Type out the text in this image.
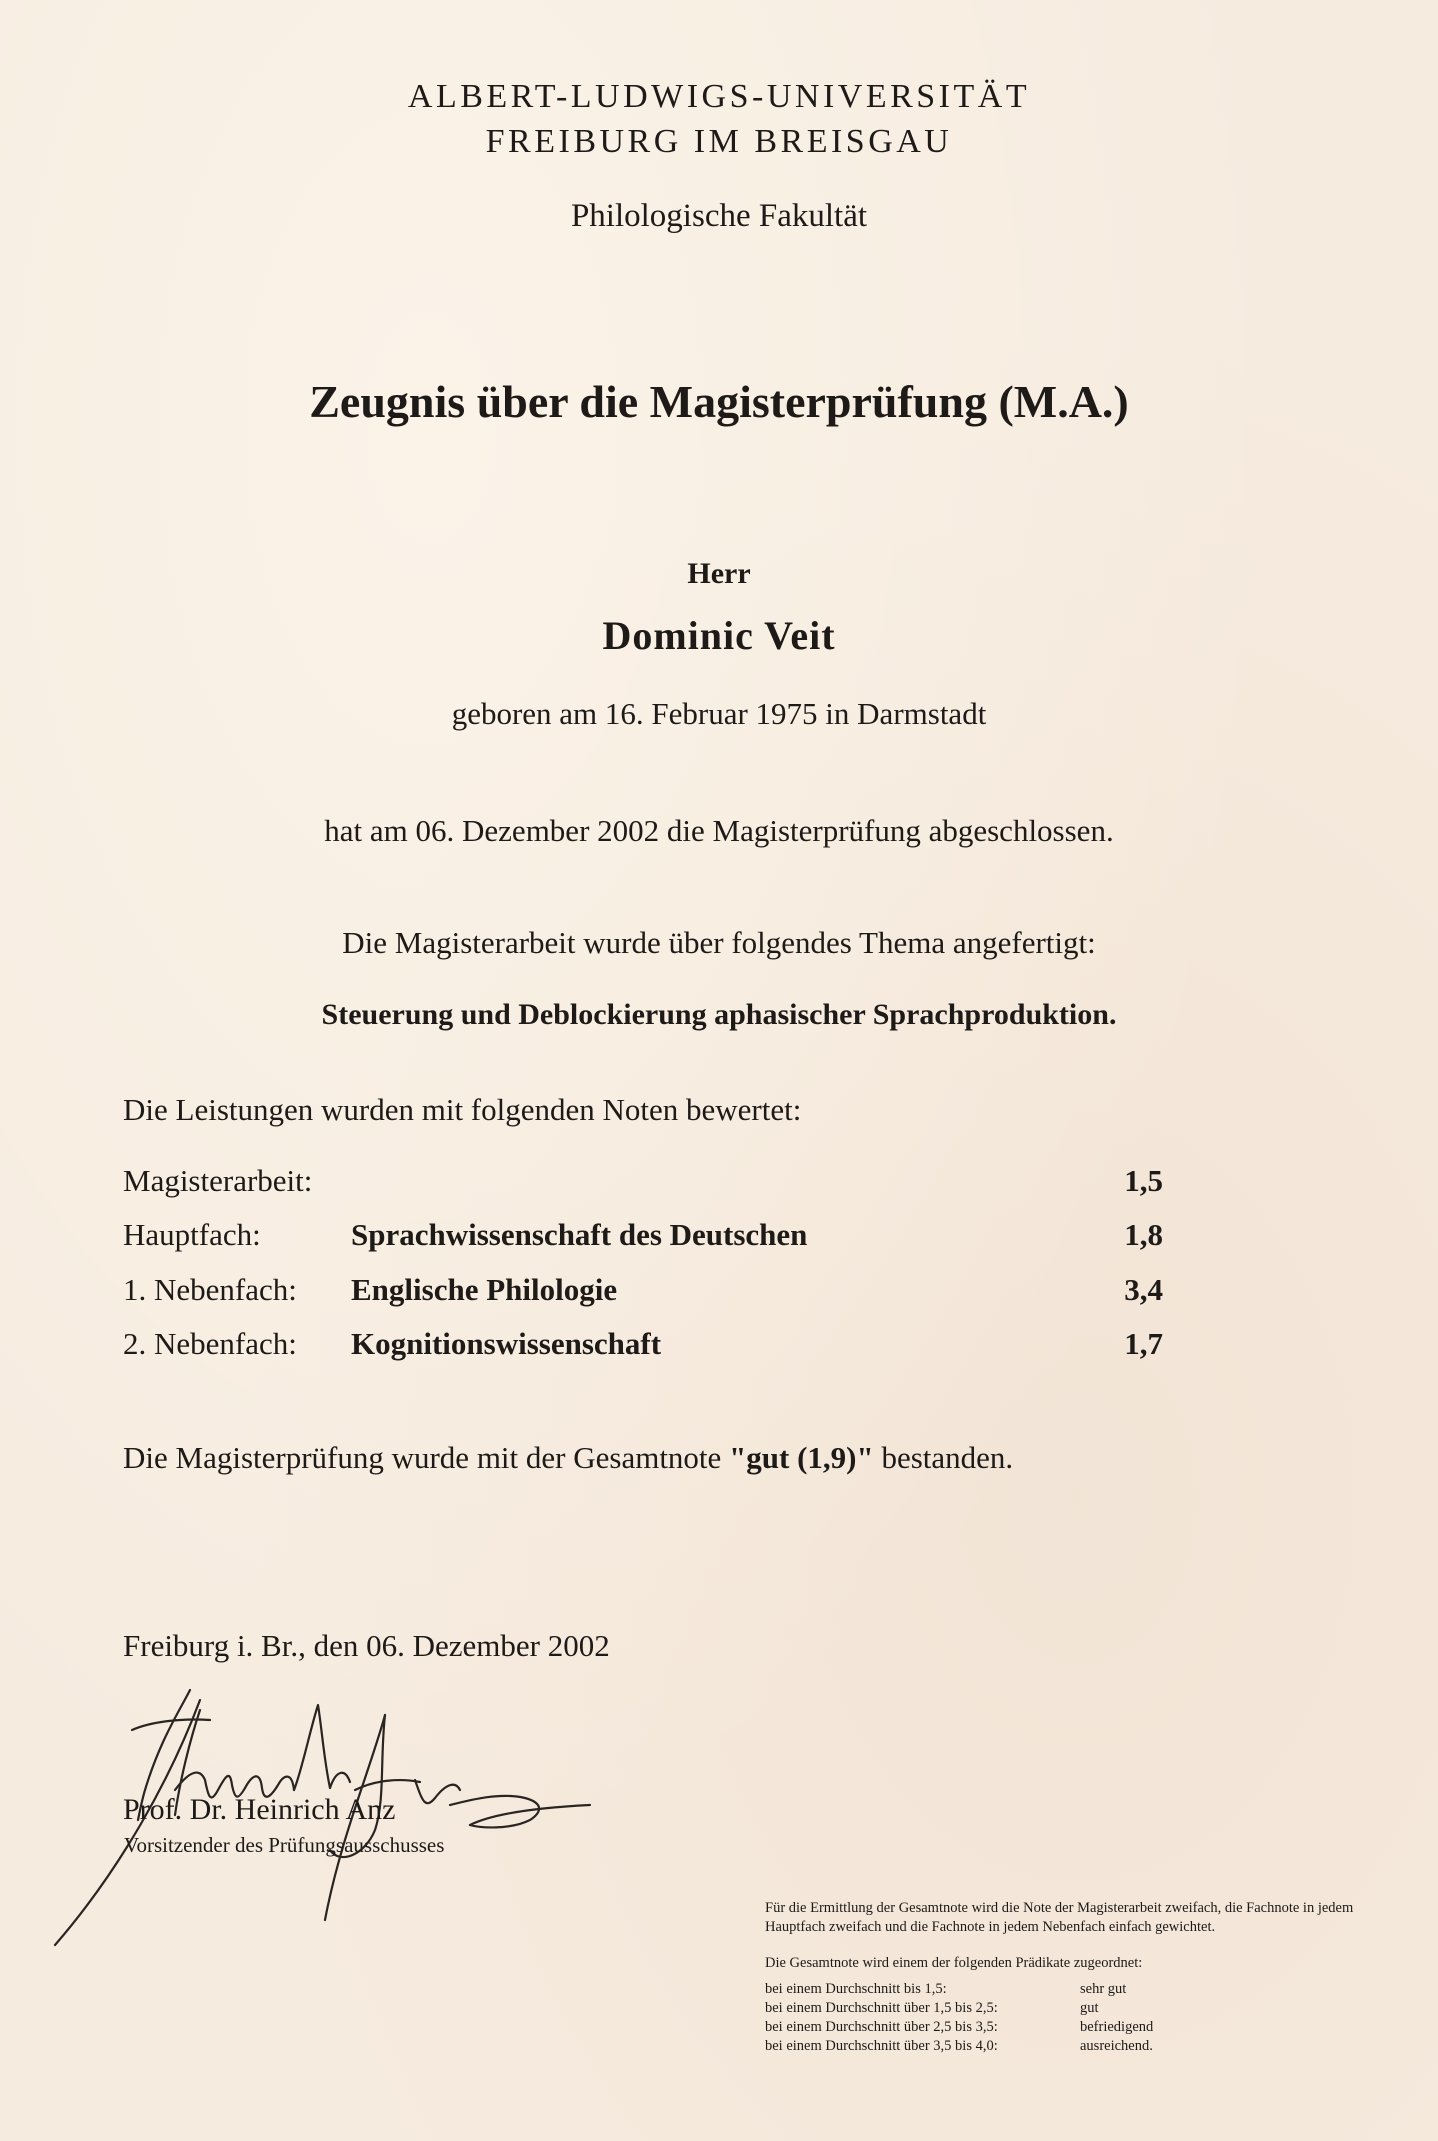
ALBERT-LUDWIGS-UNIVERSITÄT
FREIBURG IM BREISGAU
Philologische Fakultät
Zeugnis über die Magisterprüfung (M.A.)
Herr
Dominic Veit
geboren am 16. Februar 1975 in Darmstadt
hat am 06. Dezember 2002 die Magisterprüfung abgeschlossen.
Die Magisterarbeit wurde über folgendes Thema angefertigt:
Steuerung und Deblockierung aphasischer Sprachproduktion.
Die Leistungen wurden mit folgenden Noten bewertet:
Magisterarbeit:	1,5
Hauptfach:	Sprachwissenschaft des Deutschen	1,8
1. Nebenfach: Englische Philologie	3,4
2. Nebenfach: Kognitionswissenschaft	1,7
Die Magisterprüfung wurde mit der Gesamtnote "gut (1,9)" bestanden.
Freiburg i. Br., den 06. Dezember 2002
Prof. Dr. Heinrich Anz
Vorsitzender des Prüfungsausschusses
Für die Ermittlung der Gesamtnote wird die Note der Magisterarbeit zweifach, die Fachnote in jedem Hauptfach zweifach und die Fachnote in jedem Nebenfach einfach gewichtet.
Die Gesamtnote wird einem der folgenden Prädikate zugeordnet:
bei einem Durchschnitt bis 1,5:	sehr gut
bei einem Durchschnitt über 1,5 bis 2,5:	gut
bei einem Durchschnitt über 2,5 bis 3,5:	befriedigend
bei einem Durchschnitt über 3,5 bis 4,0:	ausreichend.
